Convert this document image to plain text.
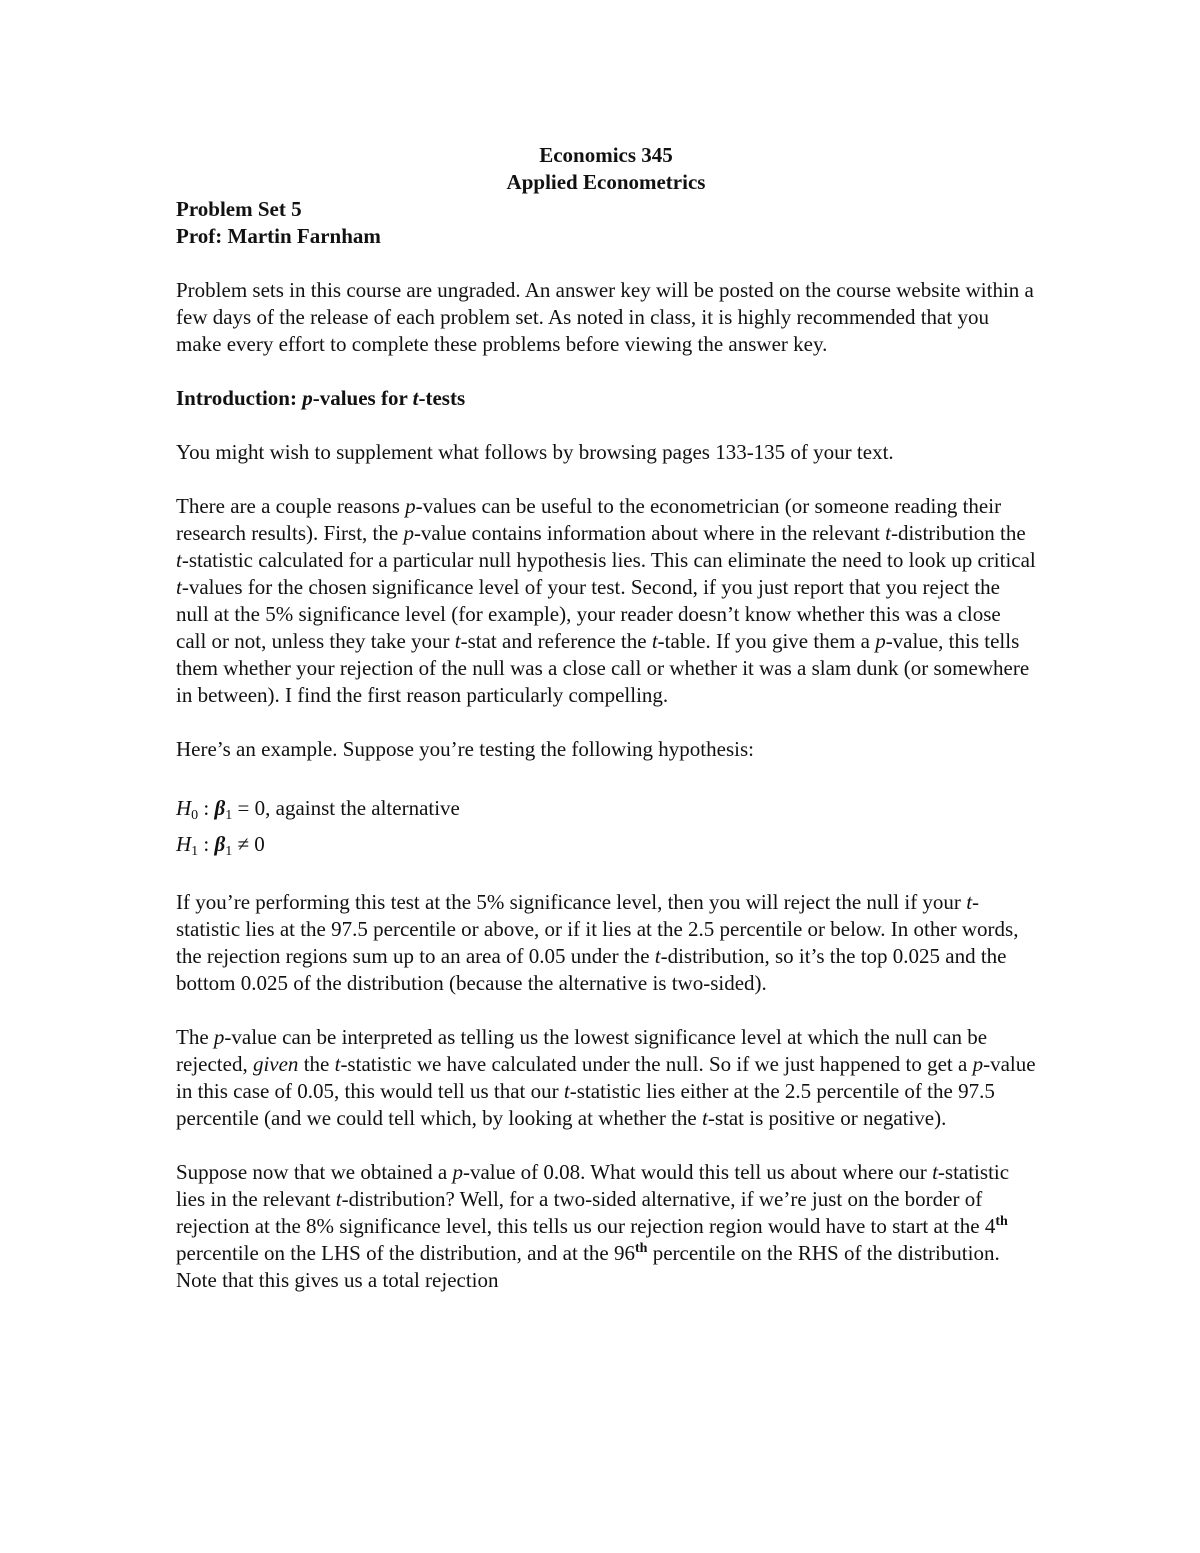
Economics 345
Applied Econometrics
Problem Set 5
Prof: Martin Farnham

Problem sets in this course are ungraded. An answer key will be posted on the course website within a few days of the release of each problem set. As noted in class, it is highly recommended that you make every effort to complete these problems before viewing the answer key.

Introduction: p-values for t-tests

You might wish to supplement what follows by browsing pages 133-135 of your text.

There are a couple reasons p-values can be useful to the econometrician (or someone reading their research results). First, the p-value contains information about where in the relevant t-distribution the t-statistic calculated for a particular null hypothesis lies. This can eliminate the need to look up critical t-values for the chosen significance level of your test. Second, if you just report that you reject the null at the 5% significance level (for example), your reader doesn’t know whether this was a close call or not, unless they take your t-stat and reference the t-table. If you give them a p-value, this tells them whether your rejection of the null was a close call or whether it was a slam dunk (or somewhere in between). I find the first reason particularly compelling.

Here’s an example. Suppose you’re testing the following hypothesis:

$H_0$ : $\beta_1 = 0$, against the alternative
$H_1$ : $\beta_1 \ne 0$

If you’re performing this test at the 5% significance level, then you will reject the null if your t-statistic lies at the 97.5 percentile or above, or if it lies at the 2.5 percentile or below. In other words, the rejection regions sum up to an area of 0.05 under the t-distribution, so it’s the top 0.025 and the bottom 0.025 of the distribution (because the alternative is two-sided).

The p-value can be interpreted as telling us the lowest significance level at which the null can be rejected, given the t-statistic we have calculated under the null. So if we just happened to get a p-value in this case of 0.05, this would tell us that our t-statistic lies either at the 2.5 percentile of the 97.5 percentile (and we could tell which, by looking at whether the t-stat is positive or negative).

Suppose now that we obtained a p-value of 0.08. What would this tell us about where our t-statistic lies in the relevant t-distribution? Well, for a two-sided alternative, if we’re just on the border of rejection at the 8% significance level, this tells us our rejection region would have to start at the 4th percentile on the LHS of the distribution, and at the 96th percentile on the RHS of the distribution. Note that this gives us a total rejection
